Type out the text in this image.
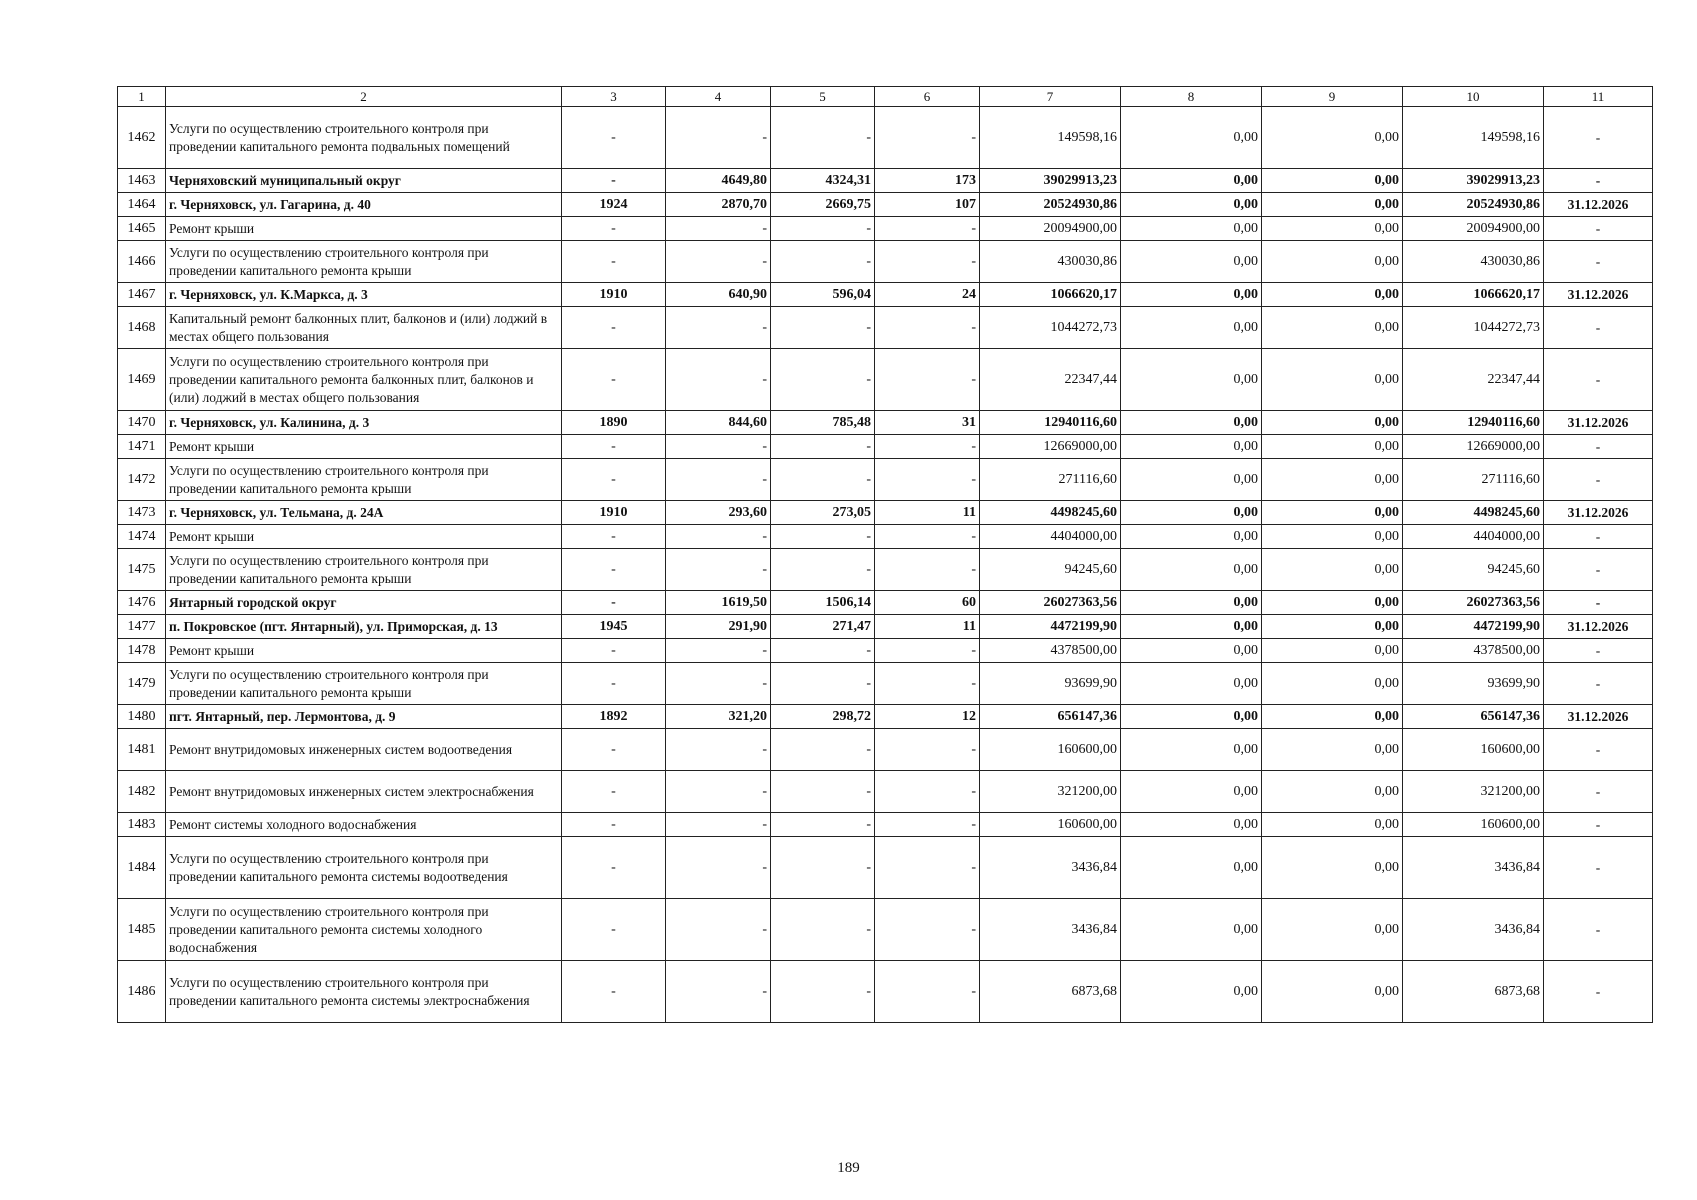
1	2	3	4	5	6	7	8	9	10	11
1462	Услуги по осуществлению строительного контроля при проведении капитального ремонта подвальных помещений	-	-	-	-	149598,16	0,00	0,00	149598,16	-
1463	Черняховский муниципальный округ	-	4649,80	4324,31	173	39029913,23	0,00	0,00	39029913,23	-
1464	г. Черняховск, ул. Гагарина, д. 40	1924	2870,70	2669,75	107	20524930,86	0,00	0,00	20524930,86	31.12.2026
1465	Ремонт крыши	-	-	-	-	20094900,00	0,00	0,00	20094900,00	-
1466	Услуги по осуществлению строительного контроля при проведении капитального ремонта крыши	-	-	-	-	430030,86	0,00	0,00	430030,86	-
1467	г. Черняховск, ул. К.Маркса, д. 3	1910	640,90	596,04	24	1066620,17	0,00	0,00	1066620,17	31.12.2026
1468	Капитальный ремонт балконных плит, балконов и (или) лоджий в местах общего пользования	-	-	-	-	1044272,73	0,00	0,00	1044272,73	-
1469	Услуги по осуществлению строительного контроля при проведении капитального ремонта балконных плит, балконов и (или) лоджий в местах общего пользования	-	-	-	-	22347,44	0,00	0,00	22347,44	-
1470	г. Черняховск, ул. Калинина, д. 3	1890	844,60	785,48	31	12940116,60	0,00	0,00	12940116,60	31.12.2026
1471	Ремонт крыши	-	-	-	-	12669000,00	0,00	0,00	12669000,00	-
1472	Услуги по осуществлению строительного контроля при проведении капитального ремонта крыши	-	-	-	-	271116,60	0,00	0,00	271116,60	-
1473	г. Черняховск, ул. Тельмана, д. 24А	1910	293,60	273,05	11	4498245,60	0,00	0,00	4498245,60	31.12.2026
1474	Ремонт крыши	-	-	-	-	4404000,00	0,00	0,00	4404000,00	-
1475	Услуги по осуществлению строительного контроля при проведении капитального ремонта крыши	-	-	-	-	94245,60	0,00	0,00	94245,60	-
1476	Янтарный городской округ	-	1619,50	1506,14	60	26027363,56	0,00	0,00	26027363,56	-
1477	п. Покровское (пгт. Янтарный), ул. Приморская, д. 13	1945	291,90	271,47	11	4472199,90	0,00	0,00	4472199,90	31.12.2026
1478	Ремонт крыши	-	-	-	-	4378500,00	0,00	0,00	4378500,00	-
1479	Услуги по осуществлению строительного контроля при проведении капитального ремонта крыши	-	-	-	-	93699,90	0,00	0,00	93699,90	-
1480	пгт. Янтарный, пер. Лермонтова, д. 9	1892	321,20	298,72	12	656147,36	0,00	0,00	656147,36	31.12.2026
1481	Ремонт внутридомовых инженерных систем водоотведения	-	-	-	-	160600,00	0,00	0,00	160600,00	-
1482	Ремонт внутридомовых инженерных систем электроснабжения	-	-	-	-	321200,00	0,00	0,00	321200,00	-
1483	Ремонт системы холодного водоснабжения	-	-	-	-	160600,00	0,00	0,00	160600,00	-
1484	Услуги по осуществлению строительного контроля при проведении капитального ремонта системы водоотведения	-	-	-	-	3436,84	0,00	0,00	3436,84	-
1485	Услуги по осуществлению строительного контроля при проведении капитального ремонта системы холодного водоснабжения	-	-	-	-	3436,84	0,00	0,00	3436,84	-
1486	Услуги по осуществлению строительного контроля при проведении капитального ремонта системы электроснабжения	-	-	-	-	6873,68	0,00	0,00	6873,68	-
189
